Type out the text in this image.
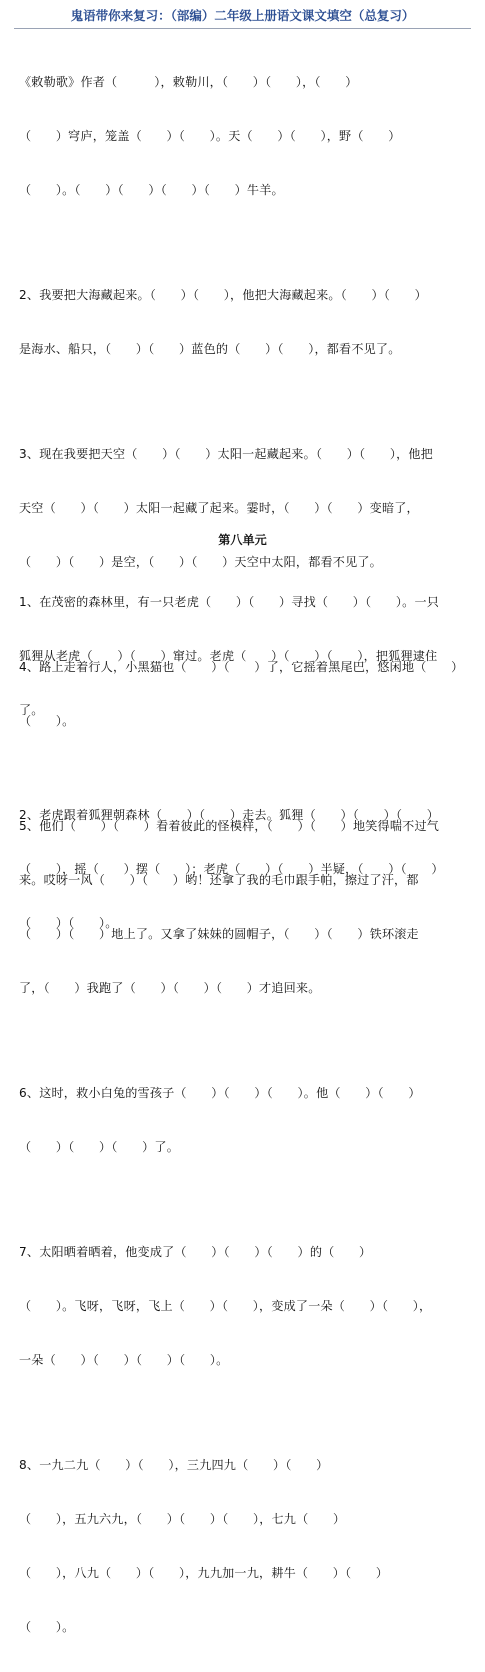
鬼语带你来复习：（部编）二年级上册语文课文填空（总复习）

《敕勒歌》作者（　　　），敕勒川，（　　）（　　），（　　）

（　　）穹庐，笼盖（　　）（　　）。天（　　）（　　），野（　　）

（　　）。（　　）（　　）（　　）（　　）牛羊。

2、我要把大海藏起来。（　　）（　　），他把大海藏起来。（　　）（　　）

是海水、船只，（　　）（　　）蓝色的（　　）（　　），都看不见了。

3、现在我要把天空（　　）（　　）太阳一起藏起来。（　　）（　　），他把

天空（　　）（　　）太阳一起藏了起来。霎时，（　　）（　　）变暗了，

（　　）（　　）是空，（　　）（　　）天空中太阳，都看不见了。

4、路上走着行人，小黑猫也（　　）（　　）了，它摇着黑尾巴，悠闲地（　　）

（　　）。

5、他们（　　）（　　）看着彼此的怪模样，（　　）（　　）地笑得喘不过气

来。哎呀一风（　　）（　　）哟！还拿了我的毛巾跟手帕，擦过了汗，都

（　　）（　　）地上了。又拿了妹妹的圆帽子，（　　）（　　）铁环滚走

了，（　　）我跑了（　　）（　　）（　　）才追回来。

6、这时，救小白兔的雪孩子（　　）（　　）（　　）。他（　　）（　　）

（　　）（　　）（　　）了。

7、太阳晒着晒着，他变成了（　　）（　　）（　　）的（　　）

（　　）。飞呀，飞呀，飞上（　　）（　　），变成了一朵（　　）（　　），

一朵（　　）（　　）（　　）（　　）。

8、一九二九（　　）（　　），三九四九（　　）（　　）

（　　），五九六九，（　　）（　　）（　　），七九（　　）

（　　），八九（　　）（　　），九九加一九，耕牛（　　）（　　）

（　　）。

第八单元

1、在茂密的森林里，有一只老虎（　　）（　　）寻找（　　）（　　）。一只

狐狸从老虎（　　）（　　）窜过。老虎（　　）（　　）（　　），把狐狸逮住

了。

2、老虎跟着狐狸朝森林（　　）（　　）走去。狐狸（　　）（　　）（　　）

（　　），摇（　　）摆（　　）；老虎（　　）（　　）半疑，（　　）（　　）

（　　）（　　）。
